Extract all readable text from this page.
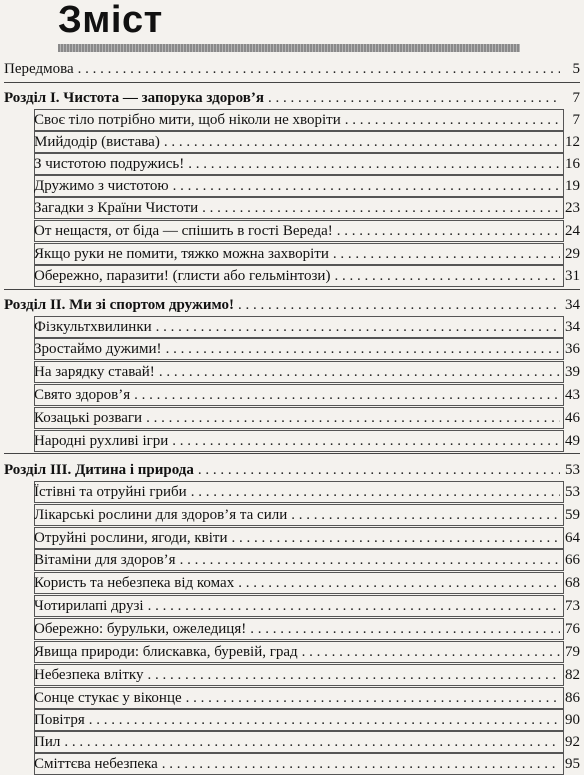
Зміст
Передмова . . .	5
Розділ I. Чистота — запорука здоров’я . . .	7
Своє тіло потрібно мити, щоб ніколи не хворіти . . .	7
Мийдодір (вистава) . . .	12
З чистотою подружись! . . .	16
Дружимо з чистотою . . .	19
Загадки з Країни Чистоти . . .	23
От нещастя, от біда — спішить в гості Вереда! . . .	24
Якщо руки не помити, тяжко можна захворіти . . .	29
Обережно, паразити! (глисти або гельмінтози) . . .	31
Розділ II. Ми зі спортом дружимо! . . .	34
Фізкультхвилинки . . .	34
Зростаймо дужими! . . .	36
На зарядку ставай! . . .	39
Свято здоров’я . . .	43
Козацькі розваги . . .	46
Народні рухливі ігри . . .	49
Розділ III. Дитина і природа . . .	53
Їстівні та отруйні гриби . . .	53
Лікарські рослини для здоров’я та сили . . .	59
Отруйні рослини, ягоди, квіти . . .	64
Вітаміни для здоров’я . . .	66
Користь та небезпека від комах . . .	68
Чотирилапі друзі . . .	73
Обережно: бурульки, ожеледиця! . . .	76
Явища природи: блискавка, буревій, град . . .	79
Небезпека влітку . . .	82
Сонце стукає у віконце . . .	86
Повітря . . .	90
Пил . . .	92
Сміттєва небезпека . . .	95
